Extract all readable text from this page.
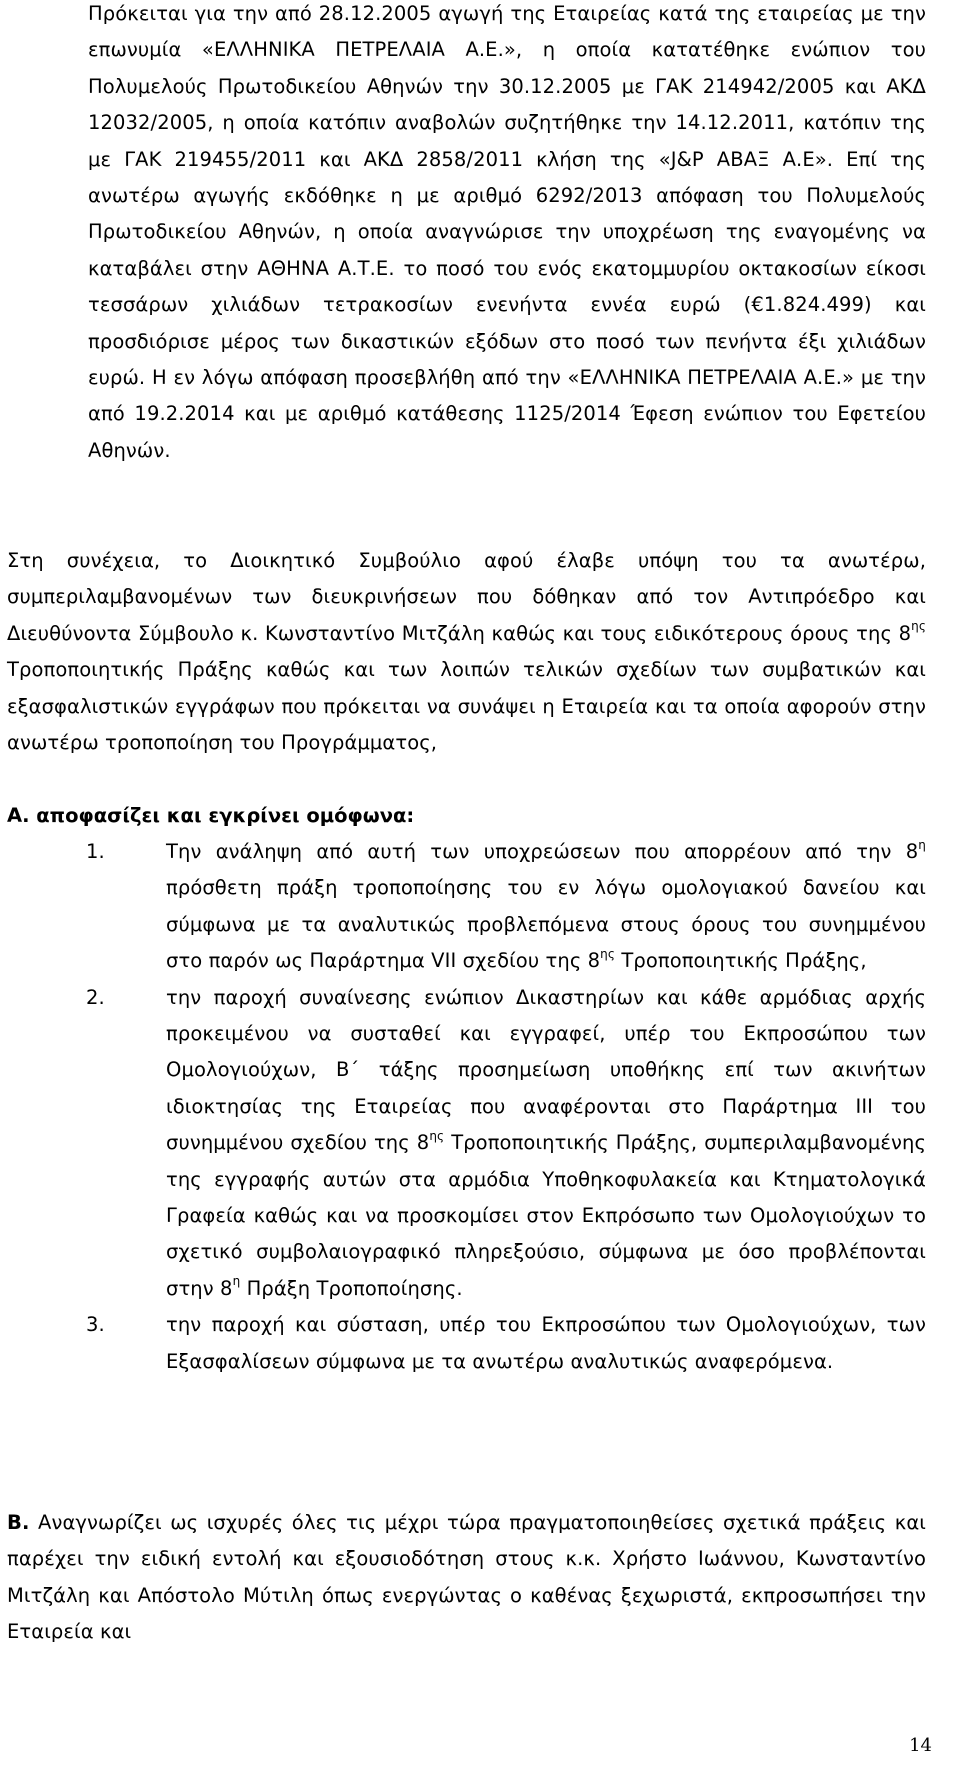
Πρόκειται για την από 28.12.2005 αγωγή της Εταιρείας κατά της εταιρείας με την επωνυμία «ΕΛΛΗΝΙΚΑ ΠΕΤΡΕΛΑΙΑ Α.Ε.», η οποία κατατέθηκε ενώπιον του Πολυμελούς Πρωτοδικείου Αθηνών την 30.12.2005 με ΓΑΚ 214942/2005 και ΑΚΔ 12032/2005, η οποία κατόπιν αναβολών συζητήθηκε την 14.12.2011, κατόπιν της με ΓΑΚ 219455/2011 και ΑΚΔ 2858/2011 κλήση της «J&P ΑΒΑΞ Α.Ε». Επί της ανωτέρω αγωγής εκδόθηκε η με αριθμό 6292/2013 απόφαση του Πολυμελούς Πρωτοδικείου Αθηνών, η οποία αναγνώρισε την υποχρέωση της εναγομένης να καταβάλει στην ΑΘΗΝΑ Α.Τ.Ε. το ποσό του ενός εκατομμυρίου οκτακοσίων είκοσι τεσσάρων χιλιάδων τετρακοσίων ενενήντα εννέα ευρώ (€1.824.499) και προσδιόρισε μέρος των δικαστικών εξόδων στο ποσό των πενήντα έξι χιλιάδων ευρώ. Η εν λόγω απόφαση προσεβλήθη από την «ΕΛΛΗΝΙΚΑ ΠΕΤΡΕΛΑΙΑ Α.Ε.» με την από 19.2.2014 και με αριθμό κατάθεσης 1125/2014 Έφεση ενώπιον του Εφετείου Αθηνών.
Στη συνέχεια, το Διοικητικό Συμβούλιο αφού έλαβε υπόψη του τα ανωτέρω, συμπεριλαμβανομένων των διευκρινήσεων που δόθηκαν από τον Αντιπρόεδρο και Διευθύνοντα Σύμβουλο κ. Κωνσταντίνο Μιτζάλη καθώς και τους ειδικότερους όρους της $8^{\eta\varsigma}$ Τροποποιητικής Πράξης καθώς και των λοιπών τελικών σχεδίων των συμβατικών και εξασφαλιστικών εγγράφων που πρόκειται να συνάψει η Εταιρεία και τα οποία αφορούν στην ανωτέρω τροποποίηση του Προγράμματος,
Α. αποφασίζει και εγκρίνει ομόφωνα:
1.	Την ανάληψη από αυτή των υποχρεώσεων που απορρέουν από την $8^\eta$ πρόσθετη πράξη τροποποίησης του εν λόγω ομολογιακού δανείου και σύμφωνα με τα αναλυτικώς προβλεπόμενα στους όρους του συνημμένου στο παρόν ως Παράρτημα VII σχεδίου της $8^{\eta\varsigma}$ Τροποποιητικής Πράξης,
2.	την παροχή συναίνεσης ενώπιον Δικαστηρίων και κάθε αρμόδιας αρχής προκειμένου να συσταθεί και εγγραφεί, υπέρ του Εκπροσώπου των Ομολογιούχων, Β΄ τάξης προσημείωση υποθήκης επί των ακινήτων ιδιοκτησίας της Εταιρείας που αναφέρονται στο Παράρτημα ΙΙΙ του συνημμένου σχεδίου της $8^{\eta\varsigma}$ Τροποποιητικής Πράξης, συμπεριλαμβανομένης της εγγραφής αυτών στα αρμόδια Υποθηκοφυλακεία και Κτηματολογικά Γραφεία καθώς και να προσκομίσει στον Εκπρόσωπο των Ομολογιούχων το σχετικό συμβολαιογραφικό πληρεξούσιο, σύμφωνα με όσο προβλέπονται στην $8^\eta$ Πράξη Τροποποίησης.
3.	την παροχή και σύσταση, υπέρ του Εκπροσώπου των Ομολογιούχων, των Εξασφαλίσεων σύμφωνα με τα ανωτέρω αναλυτικώς αναφερόμενα.
Β. Αναγνωρίζει ως ισχυρές όλες τις μέχρι τώρα πραγματοποιηθείσες σχετικά πράξεις και παρέχει την ειδική εντολή και εξουσιοδότηση στους κ.κ. Χρήστο Ιωάννου, Κωνσταντίνο Μιτζάλη και Απόστολο Μύτιλη όπως ενεργώντας ο καθένας ξεχωριστά, εκπροσωπήσει την Εταιρεία και
14
